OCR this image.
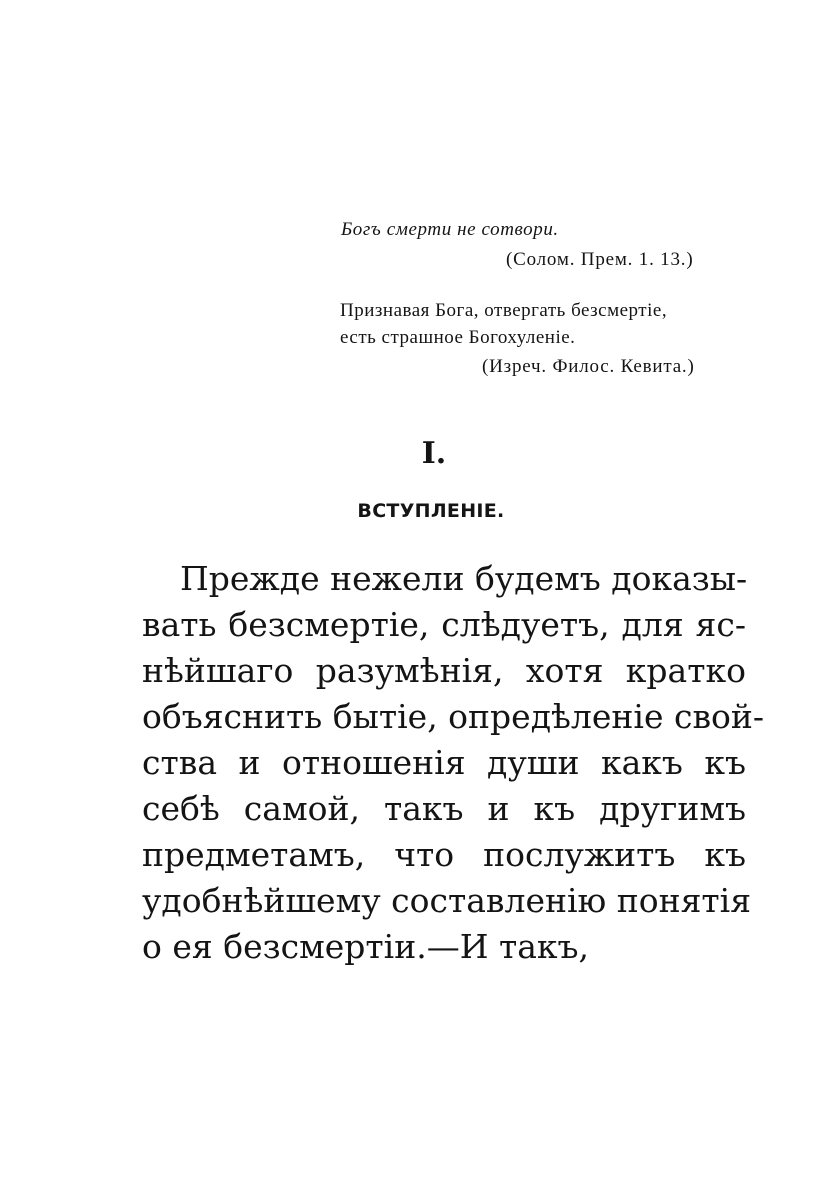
Богъ смерти не сотвори.
(Солом. Прем. 1. 13.)
Признавая Бога, отвергать безсмертіе,
есть страшное Богохуленіе.
(Изреч. Филос. Кевита.)
I.
ВСТУПЛЕНІЕ.
Прежде нежели будемъ доказы-
вать безсмертіе, слѣдуетъ, для яс-
нѣйшаго разумѣнія, хотя кратко
объяснить бытіе, опредѣленіе свой-
ства и отношенія души какъ къ
себѣ самой, такъ и къ другимъ
предметамъ, что послужитъ къ
удобнѣйшему составленію понятія
о ея безсмертіи.—И такъ,
